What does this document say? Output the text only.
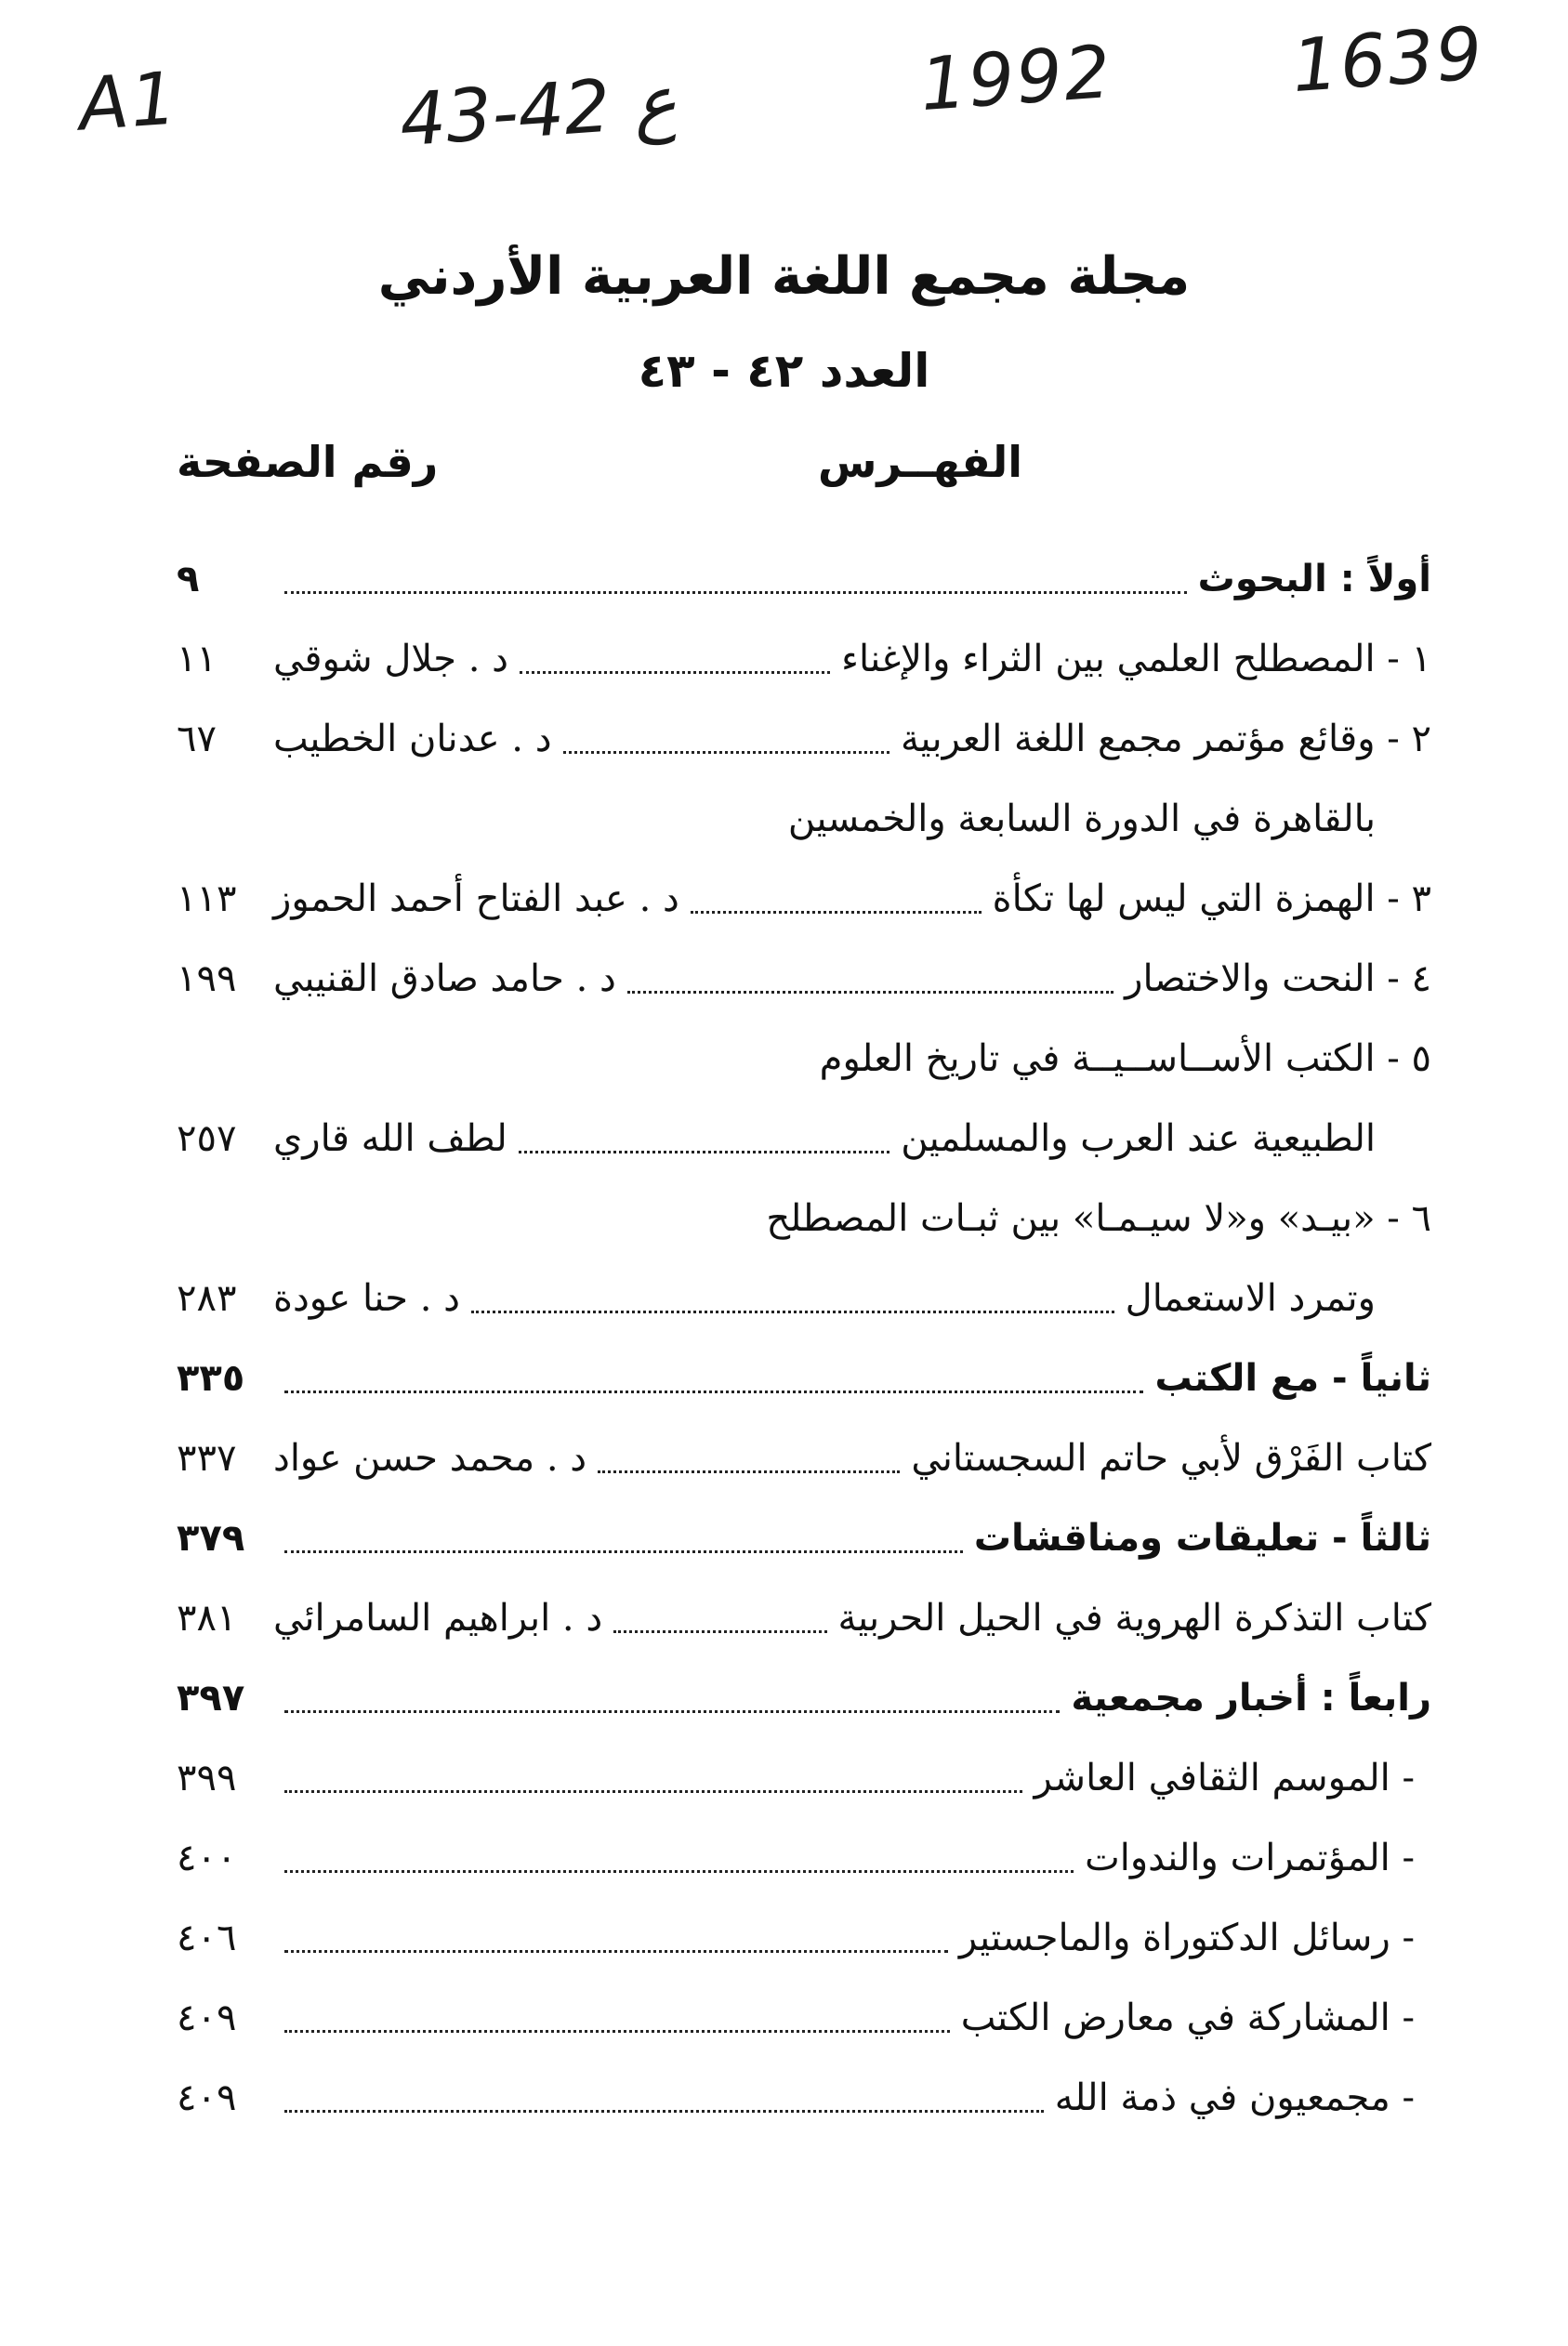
A1	43-42 ع	1992 1639
مجلة مجمع اللغة العربية الأردني
العدد ٤٢ - ٤٣
الفهــرس
رقم الصفحة
أولاً : البحوث
٩
١ - المصطلح العلمي بين الثراء والإغناء
د . جلال شوقي
١١
٢ - وقائع مؤتمر مجمع اللغة العربية
د . عدنان الخطيب
٦٧
بالقاهرة في الدورة السابعة والخمسين
٣ - الهمزة التي ليس لها تكأة
د . عبد الفتاح أحمد الحموز
١١٣
٤ - النحت والاختصار
د . حامد صادق القنيبي
١٩٩
٥ - الكتب الأســاســيــة في تاريخ العلوم
الطبيعية عند العرب والمسلمين
لطف الله قاري
٢٥٧
٦ - «بيـد» و«لا سيـمـا» بين ثبـات المصطلح
وتمرد الاستعمال
د . حنا عودة
٢٨٣
ثانياً - مع الكتب
٣٣٥
كتاب الفَرْق لأبي حاتم السجستاني
د . محمد حسن عواد
٣٣٧
ثالثاً - تعليقات ومناقشات
٣٧٩
كتاب التذكرة الهروية في الحيل الحربية
د . ابراهيم السامرائي
٣٨١
رابعاً : أخبار مجمعية
٣٩٧
- الموسم الثقافي العاشر
٣٩٩
- المؤتمرات والندوات
٤٠٠
- رسائل الدكتوراة والماجستير
٤٠٦
- المشاركة في معارض الكتب
٤٠٩
- مجمعيون في ذمة الله
٤٠٩
